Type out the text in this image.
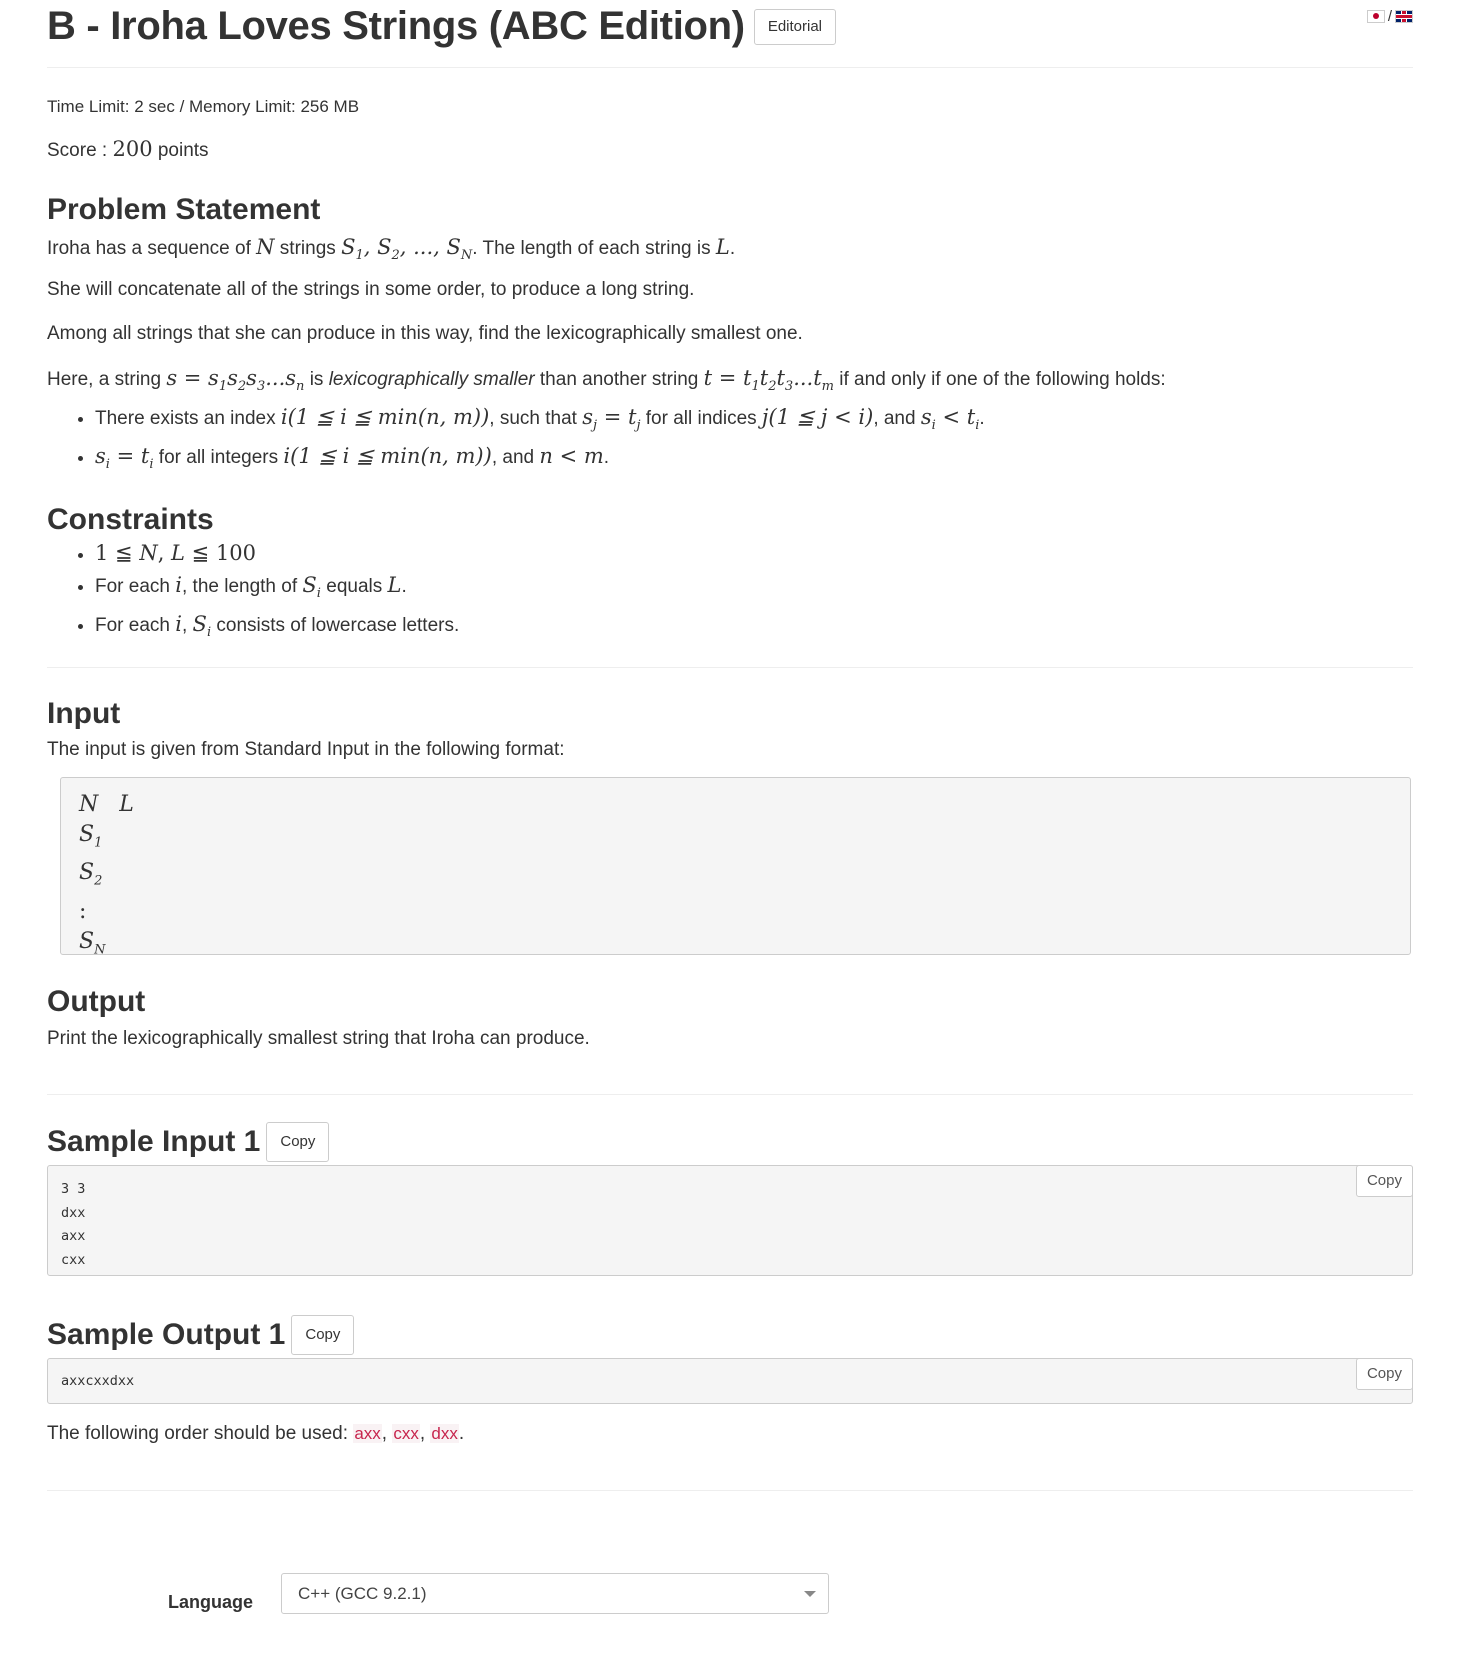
B - Iroha Loves Strings (ABC Edition)	Editorial
/
Time Limit: 2 sec / Memory Limit: 256 MB
Score : 200 points
Problem Statement

Iroha has a sequence of N strings $S_1$, $S_2$, ..., $S_N$. The length of each string is L.

She will concatenate all of the strings in some order, to produce a long string.

Among all strings that she can produce in this way, find the lexicographically smallest one.

Here, a string $s = s_1s_2s_3...s_n$ is lexicographically smaller than another string $t = t_1t_2t_3...t_m$ if and only if one of the following holds:

• There exists an index i(1 ≦ i ≦ min(n, m)), such that $s_j = t_j$ for all indices j(1 ≦ j < i), and $s_i < t_i$.
• $s_i = t_i$ for all integers i(1 ≦ i ≦ min(n, m)), and n < m.
Constraints
• 1 ≦ N, L ≦ 100
• For each i, the length of $S_i$ equals L.
• For each i, $S_i$ consists of lowercase letters.
Input

The input is given from Standard Input in the following format:

N   L
$S_1$
$S_2$
:
$S_N$
Output

Print the lexicographically smallest string that Iroha can produce.

Sample Input 1	Copy
3 3
dxx
axx
cxx
Copy
Sample Output 1	Copy
axxcxxdxx	Copy

The following order should be used: axx, cxx, dxx.

Language	C++ (GCC 9.2.1)
